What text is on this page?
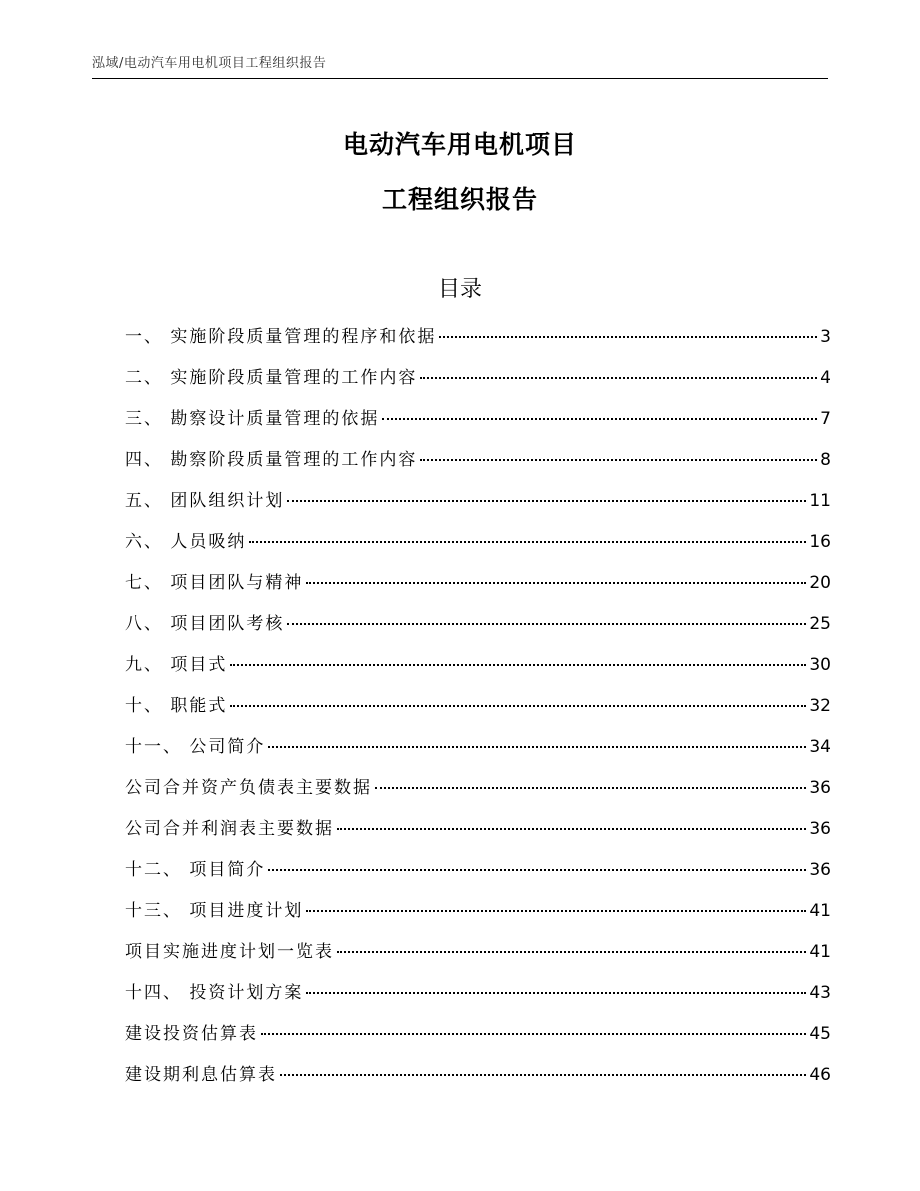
泓域/电动汽车用电机项目工程组织报告
电动汽车用电机项目
工程组织报告
目录
一、 实施阶段质量管理的程序和依据	3
二、 实施阶段质量管理的工作内容	4
三、 勘察设计质量管理的依据	7
四、 勘察阶段质量管理的工作内容	8
五、 团队组织计划	11
六、 人员吸纳	16
七、 项目团队与精神	20
八、 项目团队考核	25
九、 项目式	30
十、 职能式	32
十一、 公司简介	34
公司合并资产负债表主要数据	36
公司合并利润表主要数据	36
十二、 项目简介	36
十三、 项目进度计划	41
项目实施进度计划一览表	41
十四、 投资计划方案	43
建设投资估算表	45
建设期利息估算表	46
